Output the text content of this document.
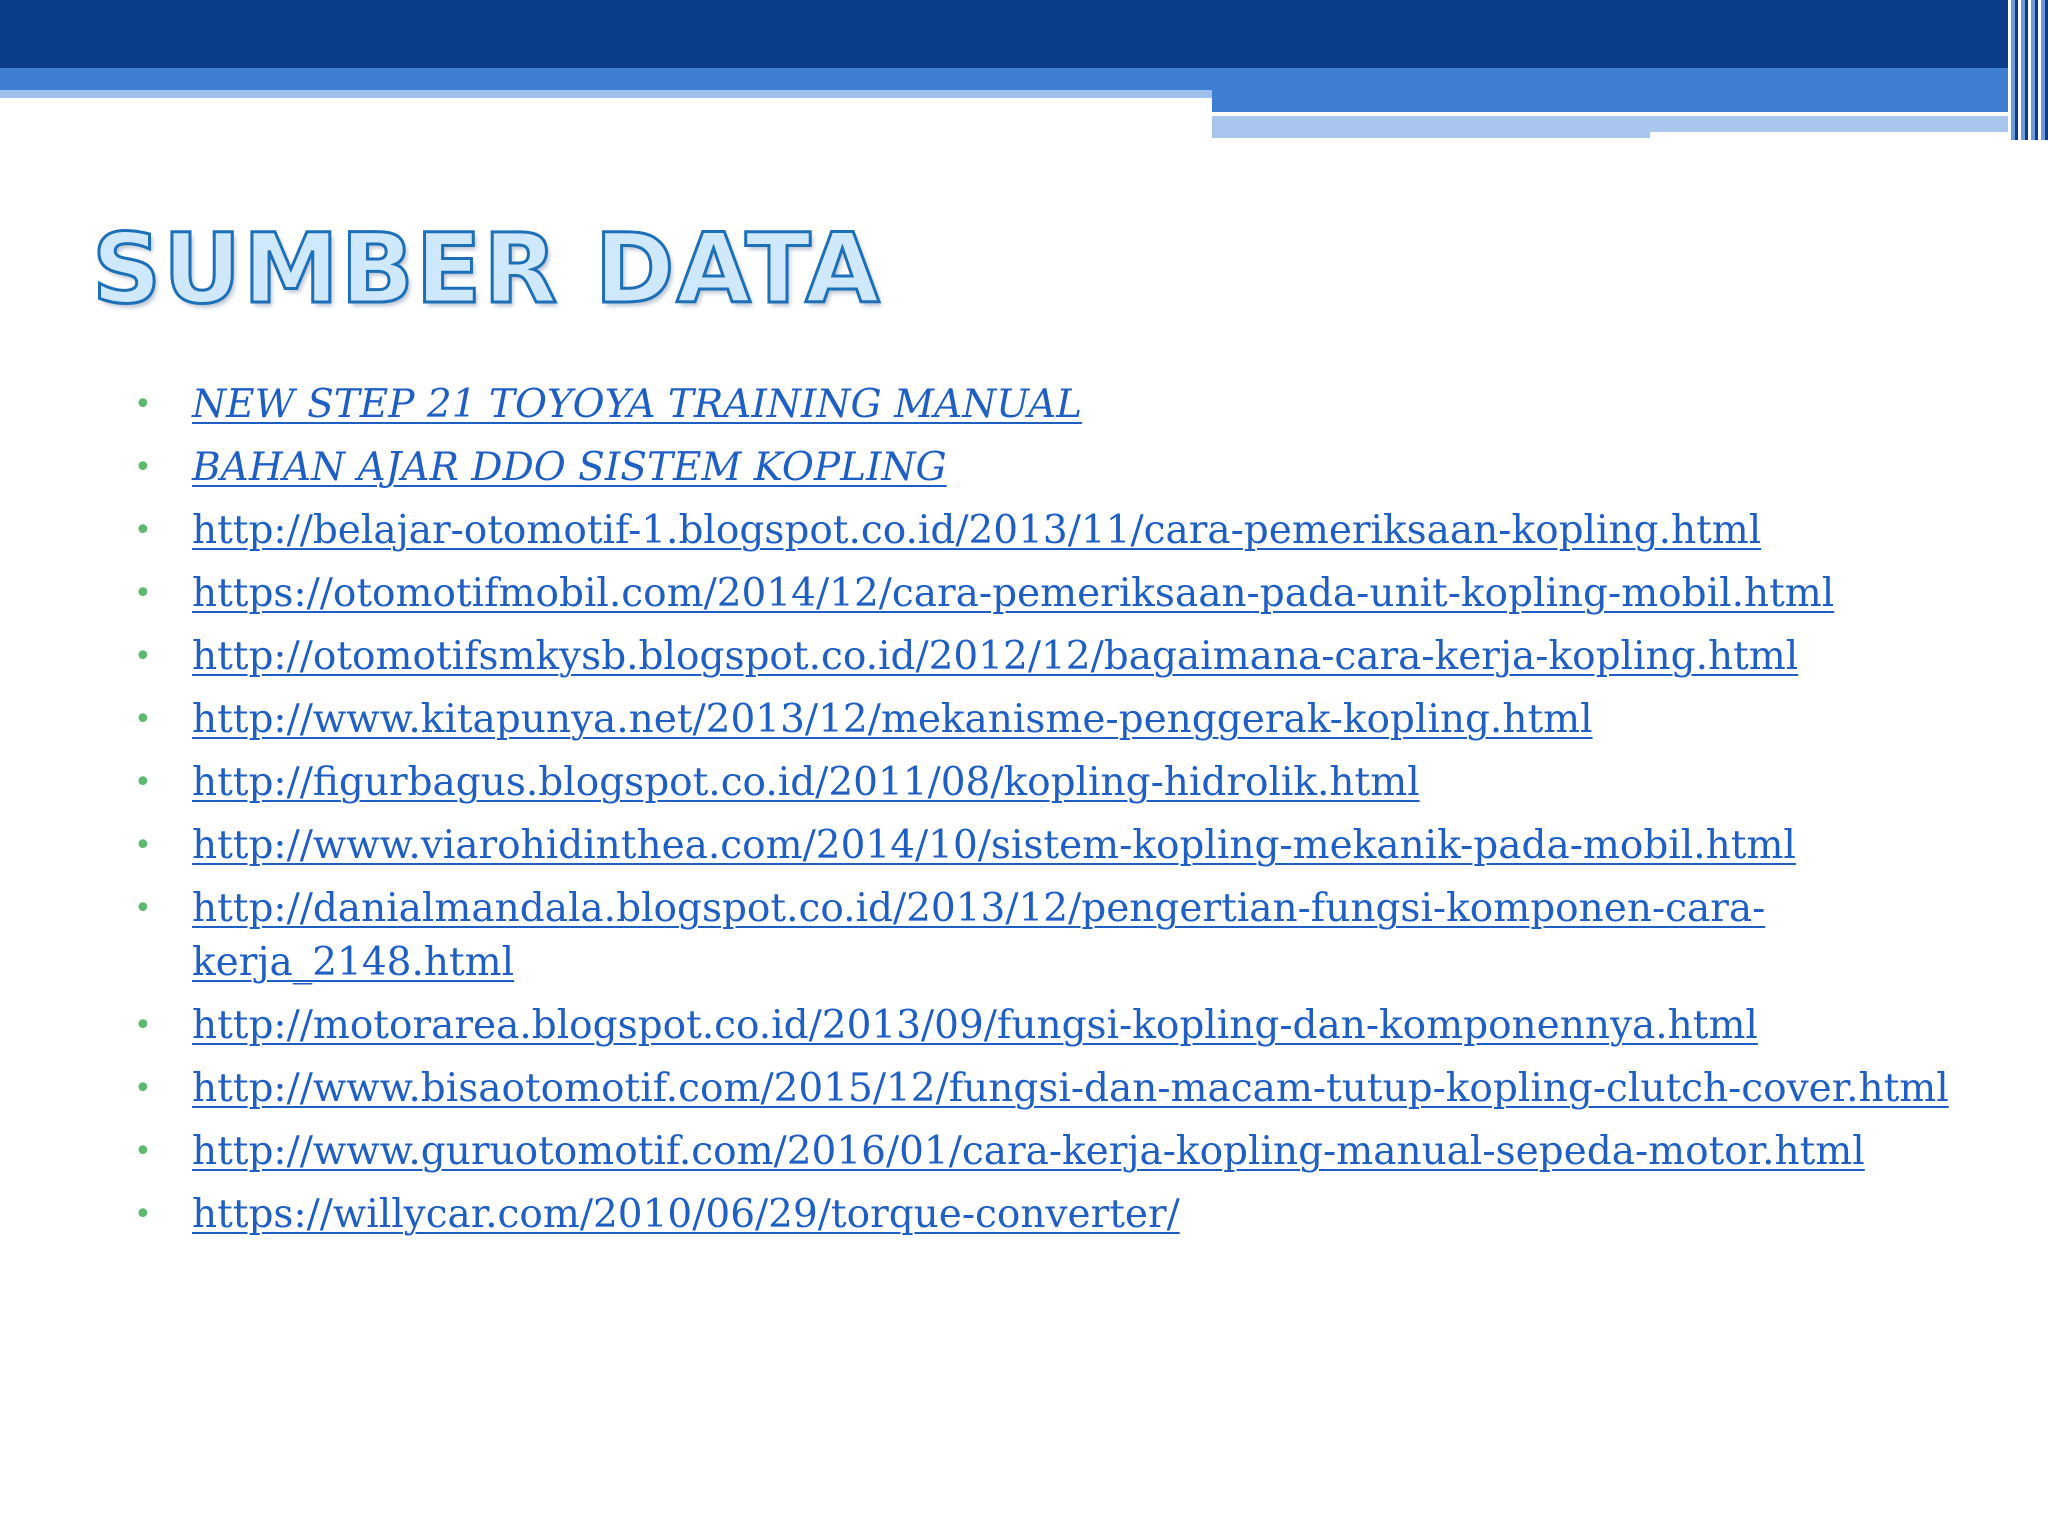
SUMBER DATA
• NEW STEP 21 TOYOYA TRAINING MANUAL
• BAHAN AJAR DDO SISTEM KOPLING
• http://belajar-otomotif-1.blogspot.co.id/2013/11/cara-pemeriksaan-kopling.html
• https://otomotifmobil.com/2014/12/cara-pemeriksaan-pada-unit-kopling-mobil.html
• http://otomotifsmkysb.blogspot.co.id/2012/12/bagaimana-cara-kerja-kopling.html
• http://www.kitapunya.net/2013/12/mekanisme-penggerak-kopling.html
• http://figurbagus.blogspot.co.id/2011/08/kopling-hidrolik.html
• http://www.viarohidinthea.com/2014/10/sistem-kopling-mekanik-pada-mobil.html
• http://danialmandala.blogspot.co.id/2013/12/pengertian-fungsi-komponen-cara-kerja_2148.html
• http://motorarea.blogspot.co.id/2013/09/fungsi-kopling-dan-komponennya.html
• http://www.bisaotomotif.com/2015/12/fungsi-dan-macam-tutup-kopling-clutch-cover.html
• http://www.guruotomotif.com/2016/01/cara-kerja-kopling-manual-sepeda-motor.html
• https://willycar.com/2010/06/29/torque-converter/
